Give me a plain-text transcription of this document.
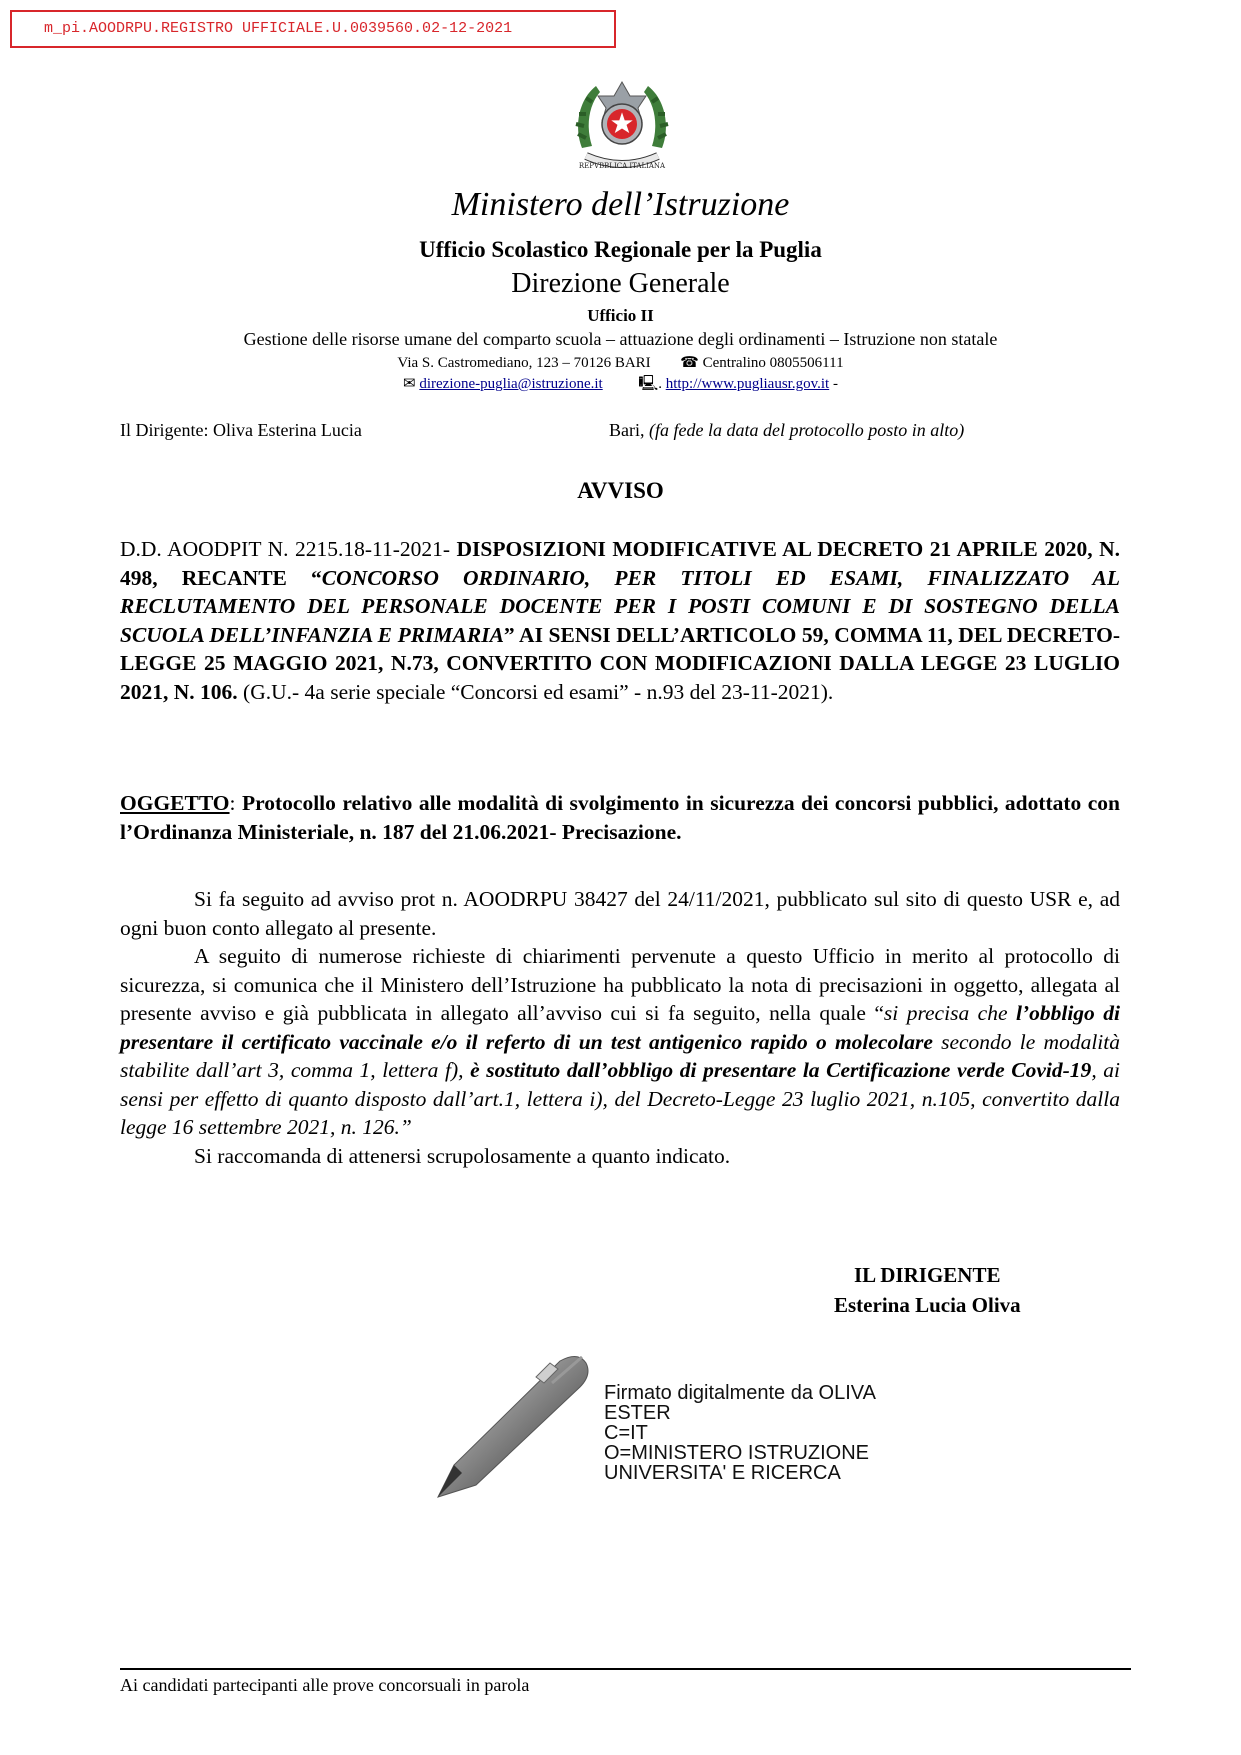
m_pi.AOODRPU.REGISTRO UFFICIALE.U.0039560.02-12-2021
REPVBBLICA ITALIANA
Ministero dell’Istruzione
Ufficio Scolastico Regionale per la Puglia
Direzione Generale
Ufficio II
Gestione delle risorse umane del comparto scuola – attuazione degli ordinamenti – Istruzione non statale
Via S. Castromediano, 123 – 70126 BARI ☎ Centralino 0805506111
✉ direzione-puglia@istruzione.it 🖳. http://www.pugliausr.gov.it -
Il Dirigente: Oliva Esterina Lucia	Bari, (fa fede la data del protocollo posto in alto)
AVVISO
D.D. AOODPIT N. 2215.18-11-2021- DISPOSIZIONI MODIFICATIVE AL DECRETO 21 APRILE 2020, N. 498, RECANTE “CONCORSO ORDINARIO, PER TITOLI ED ESAMI, FINALIZZATO AL RECLUTAMENTO DEL PERSONALE DOCENTE PER I POSTI COMUNI E DI SOSTEGNO DELLA SCUOLA DELL’INFANZIA E PRIMARIA” AI SENSI DELL’ARTICOLO 59, COMMA 11, DEL DECRETO-LEGGE 25 MAGGIO 2021, N.73, CONVERTITO CON MODIFICAZIONI DALLA LEGGE 23 LUGLIO 2021, N. 106. (G.U.- 4a serie speciale “Concorsi ed esami” - n.93 del 23-11-2021).
OGGETTO: Protocollo relativo alle modalità di svolgimento in sicurezza dei concorsi pubblici, adottato con l’Ordinanza Ministeriale, n. 187 del 21.06.2021- Precisazione.
Si fa seguito ad avviso prot n. AOODRPU 38427 del 24/11/2021, pubblicato sul sito di questo USR e, ad ogni buon conto allegato al presente.
A seguito di numerose richieste di chiarimenti pervenute a questo Ufficio in merito al protocollo di sicurezza, si comunica che il Ministero dell’Istruzione ha pubblicato la nota di precisazioni in oggetto, allegata al presente avviso e già pubblicata in allegato all’avviso cui si fa seguito, nella quale “si precisa che l’obbligo di presentare il certificato vaccinale e/o il referto di un test antigenico rapido o molecolare secondo le modalità stabilite dall’art 3, comma 1, lettera f), è sostituto dall’obbligo di presentare la Certificazione verde Covid-19, ai sensi per effetto di quanto disposto dall’art.1, lettera i), del Decreto-Legge 23 luglio 2021, n.105, convertito dalla legge 16 settembre 2021, n. 126.”
Si raccomanda di attenersi scrupolosamente a quanto indicato.
IL DIRIGENTE
Esterina Lucia Oliva
Firmato digitalmente da OLIVA
ESTER
C=IT
O=MINISTERO ISTRUZIONE
UNIVERSITA' E RICERCA
Ai candidati partecipanti alle prove concorsuali in parola
